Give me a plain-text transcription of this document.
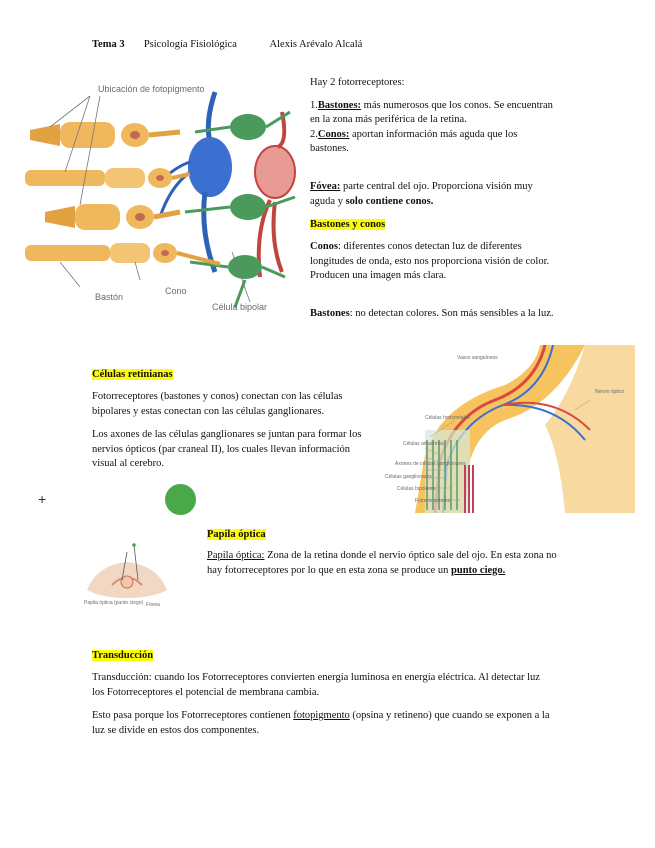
Tema 3 Psicología Fisiológica	Alexis Arévalo Alcalá
Ubicación de fotopigmento
Bastón
Cono
Célula bipolar

Hay 2 fotorreceptores:

1.Bastones: más numerosos que los conos. Se encuentran en la zona más periférica de la retina.

2.Conos: aportan información más aguda que los bastones.

Fóvea: parte central del ojo. Proporciona visión muy aguda y solo contiene conos.
Bastones y conos
Conos: diferentes conos detectan luz de diferentes longitudes de onda, esto nos proporciona visión de color. Producen una imagen más clara.
Bastones: no detectan colores. Son más sensibles a la luz.
Células retinianas
Fotorreceptores (bastones y conos) conectan con las células bipolares y estas conectan con las células ganglionares.
Los axones de las células ganglionares se juntan para formar los nervios ópticos (par craneal II), los cuales llevan información visual al cerebro.
Vasos sanguíneos
Nervio óptico
Células horizontales
Células amacrinas
Axones de células ganglionares
Células ganglionares
Células bipolares
Fotorreceptores
+
Papila óptica (punto ciego) Fóvea
Papila óptica
Papila óptica: Zona de la retina donde el nervio óptico sale del ojo. En esta zona no hay fotorreceptores por lo que en esta zona se produce un punto ciego.
Transducción
Transducción: cuando los Fotorreceptores convierten energía luminosa en energía eléctrica. Al detectar luz los Fotorreceptores el potencial de membrana cambia.
Esto pasa porque los Fotorreceptores contienen fotopigmento (opsina y retineno) que cuando se exponen a la luz se divide en estos dos componentes.
